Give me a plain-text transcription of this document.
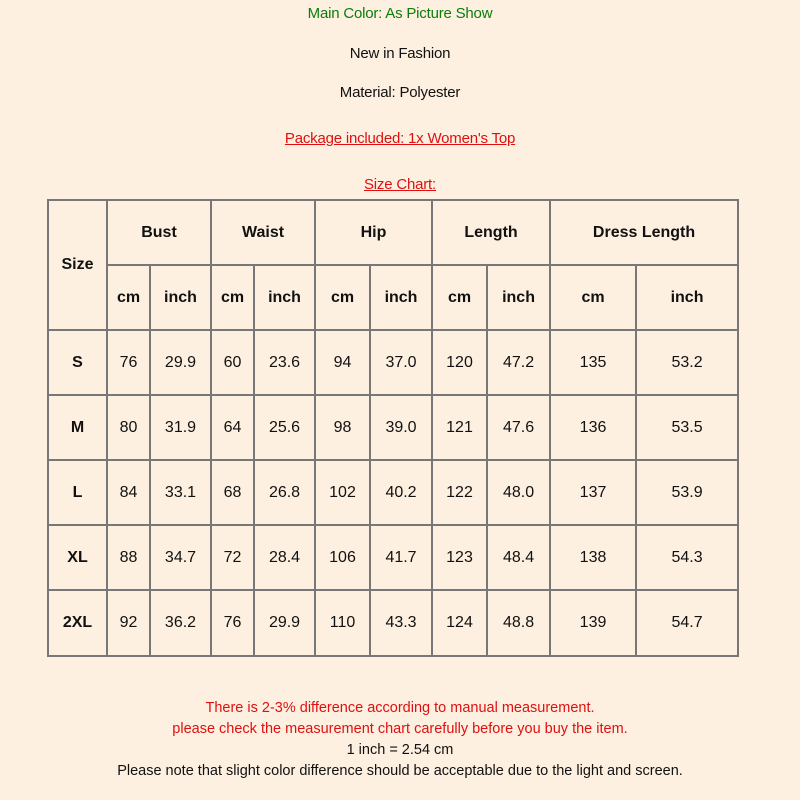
Main Color: As Picture Show
New in Fashion
Material: Polyester
Package included: 1x Women's Top
Size Chart:
Size	Bust		Waist		Hip		Length		Dress Length	
	cm	inch	cm	inch	cm	inch	cm	inch	cm	inch
S	76	29.9	60	23.6	94	37.0	120	47.2	135	53.2
M	80	31.9	64	25.6	98	39.0	121	47.6	136	53.5
L	84	33.1	68	26.8	102	40.2	122	48.0	137	53.9
XL	88	34.7	72	28.4	106	41.7	123	48.4	138	54.3
2XL	92	36.2	76	29.9	110	43.3	124	48.8	139	54.7
There is 2-3% difference according to manual measurement.
please check the measurement chart carefully before you buy the item.
1 inch = 2.54 cm
Please note that slight color difference should be acceptable due to the light and screen.
